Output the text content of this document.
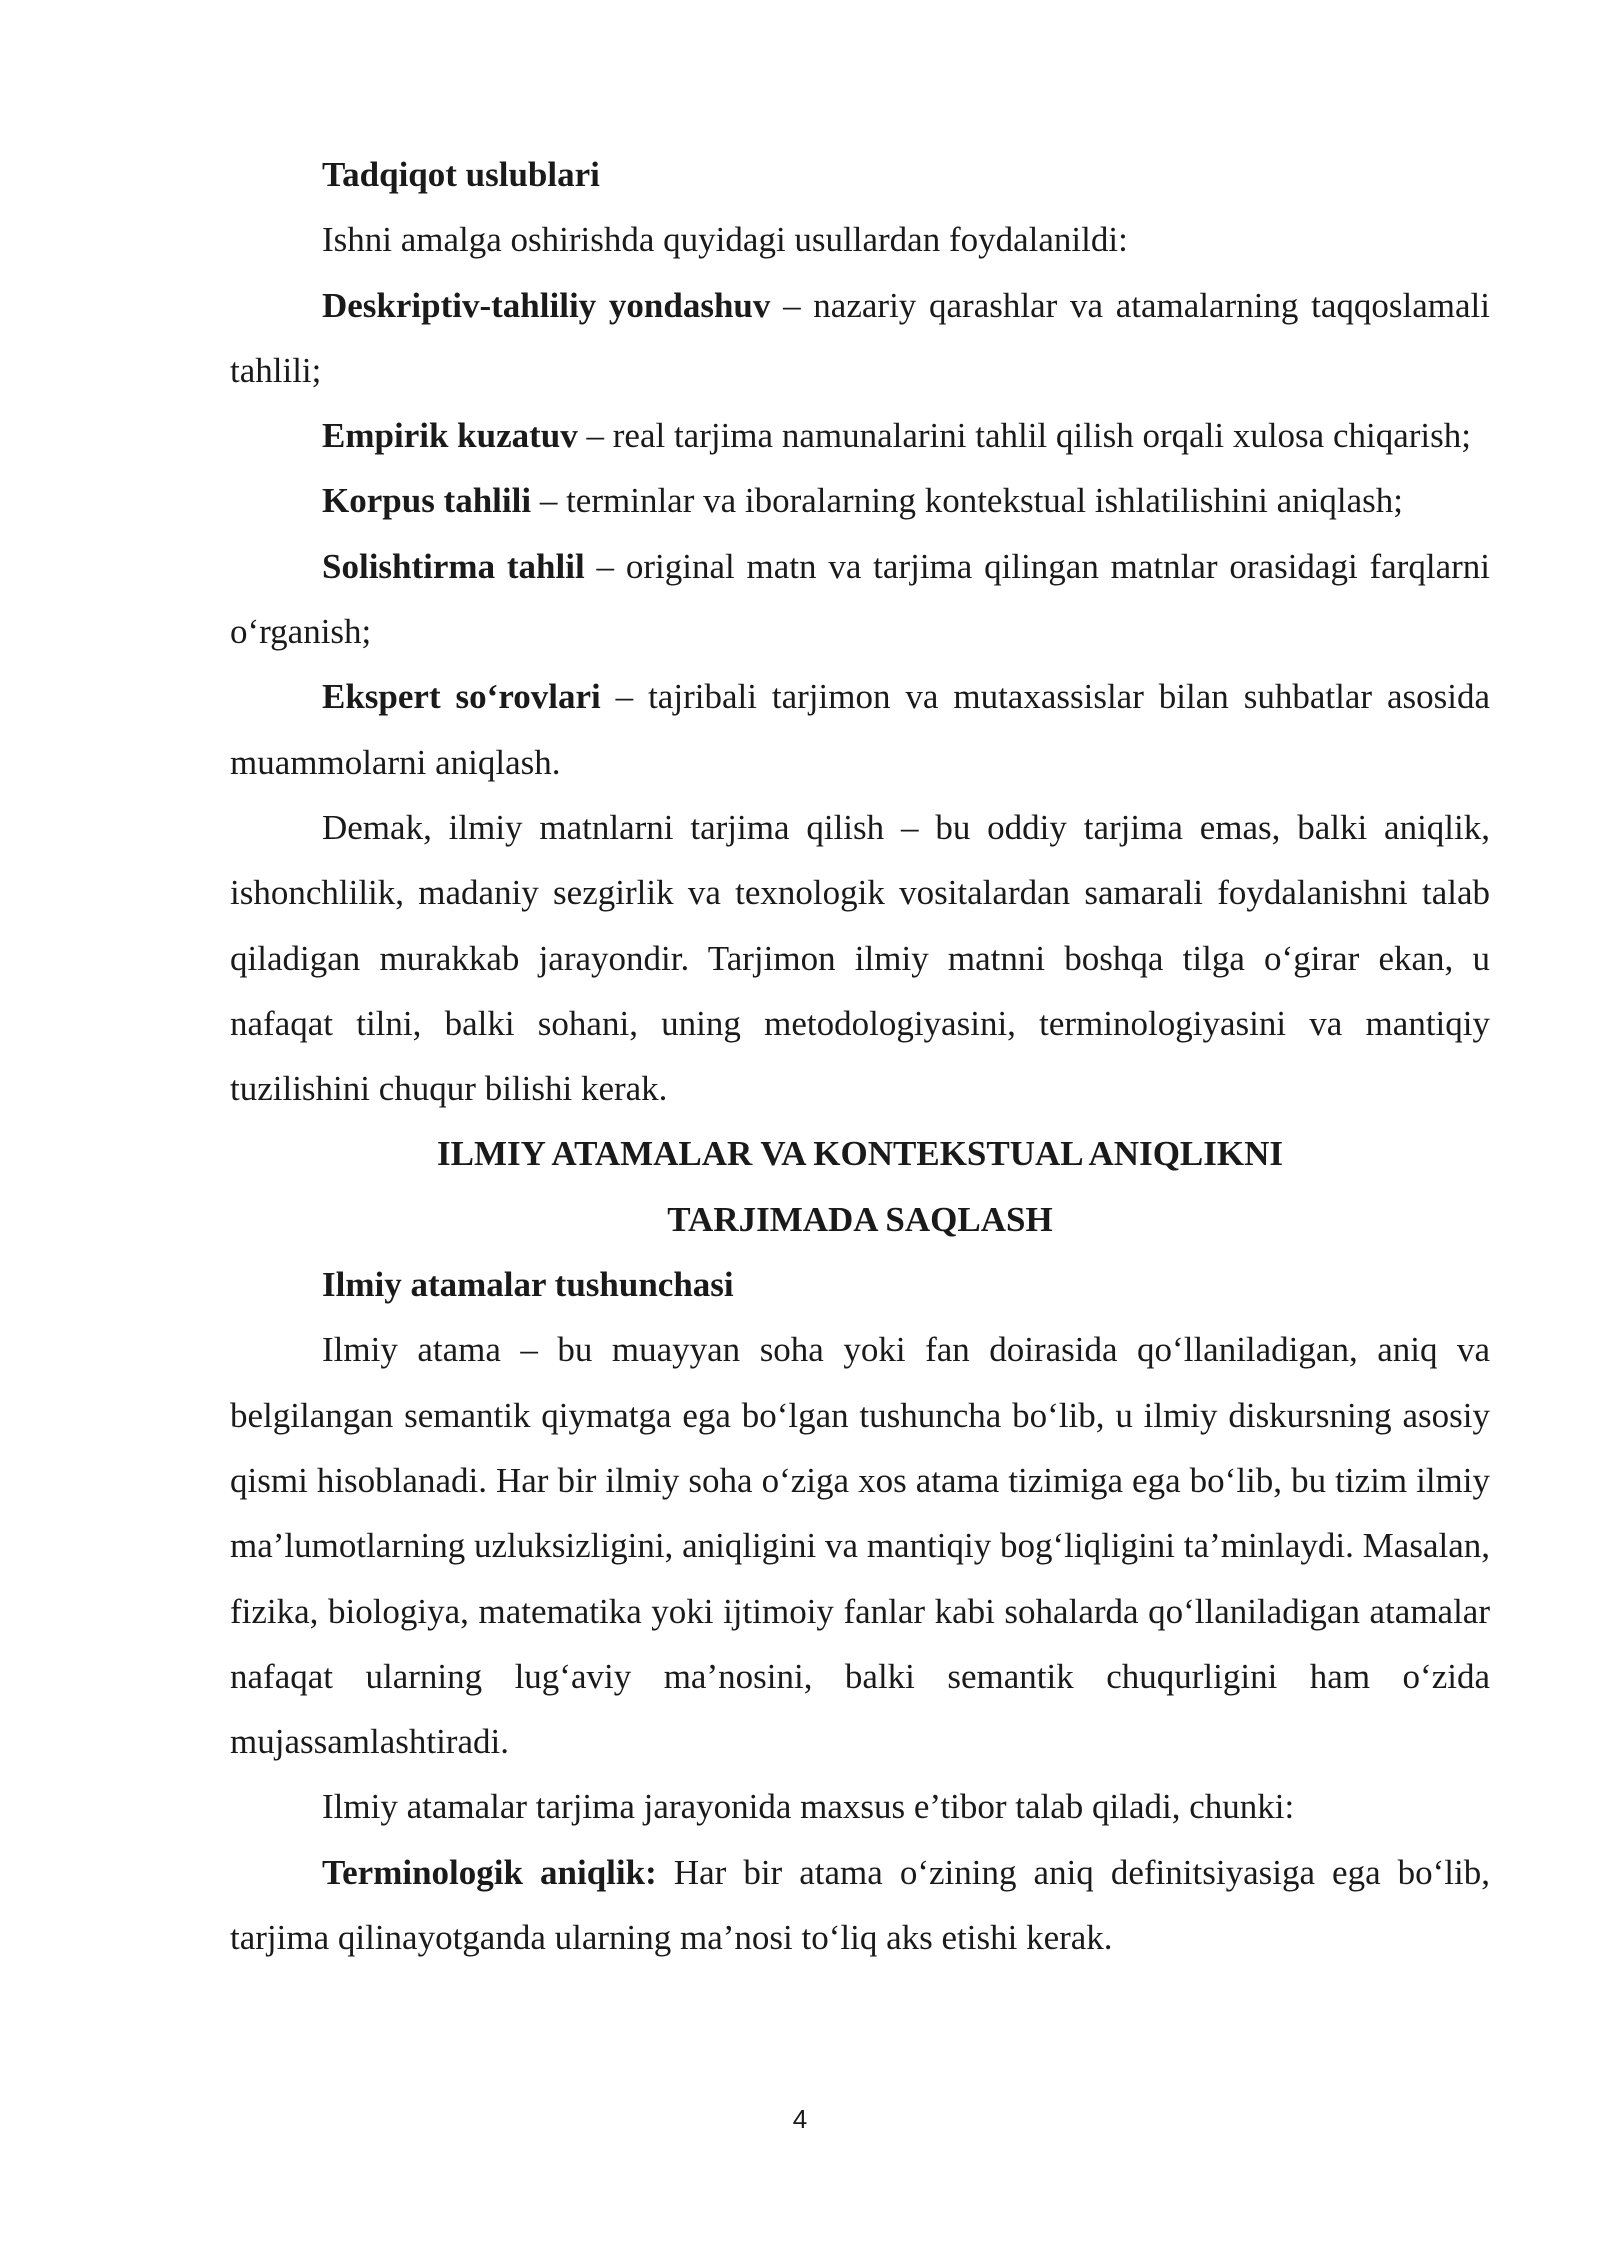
Tadqiqot uslublari

Ishni amalga oshirishda quyidagi usullardan foydalanildi:

Deskriptiv-tahliliy yondashuv – nazariy qarashlar va atamalarning taqqoslamali tahlili;

Empirik kuzatuv – real tarjima namunalarini tahlil qilish orqali xulosa chiqarish;

Korpus tahlili – terminlar va iboralarning kontekstual ishlatilishini aniqlash;

Solishtirma tahlil – original matn va tarjima qilingan matnlar orasidagi farqlarni o‘rganish;

Ekspert so‘rovlari – tajribali tarjimon va mutaxassislar bilan suhbatlar asosida muammolarni aniqlash.

Demak, ilmiy matnlarni tarjima qilish – bu oddiy tarjima emas, balki aniqlik, ishonchlilik, madaniy sezgirlik va texnologik vositalardan samarali foydalanishni talab qiladigan murakkab jarayondir. Tarjimon ilmiy matnni boshqa tilga o‘girar ekan, u nafaqat tilni, balki sohani, uning metodologiyasini, terminologiyasini va mantiqiy tuzilishini chuqur bilishi kerak.

ILMIY ATAMALAR VA KONTEKSTUAL ANIQLIKNI

TARJIMADA SAQLASH

Ilmiy atamalar tushunchasi

Ilmiy atama – bu muayyan soha yoki fan doirasida qo‘llaniladigan, aniq va belgilangan semantik qiymatga ega bo‘lgan tushuncha bo‘lib, u ilmiy diskursning asosiy qismi hisoblanadi. Har bir ilmiy soha o‘ziga xos atama tizimiga ega bo‘lib, bu tizim ilmiy ma’lumotlarning uzluksizligini, aniqligini va mantiqiy bog‘liqligini ta’minlaydi. Masalan, fizika, biologiya, matematika yoki ijtimoiy fanlar kabi sohalarda qo‘llaniladigan atamalar nafaqat ularning lug‘aviy ma’nosini, balki semantik chuqurligini ham o‘zida mujassamlashtiradi.

Ilmiy atamalar tarjima jarayonida maxsus e’tibor talab qiladi, chunki:

Terminologik aniqlik: Har bir atama o‘zining aniq definitsiyasiga ega bo‘lib, tarjima qilinayotganda ularning ma’nosi to‘liq aks etishi kerak.

4
